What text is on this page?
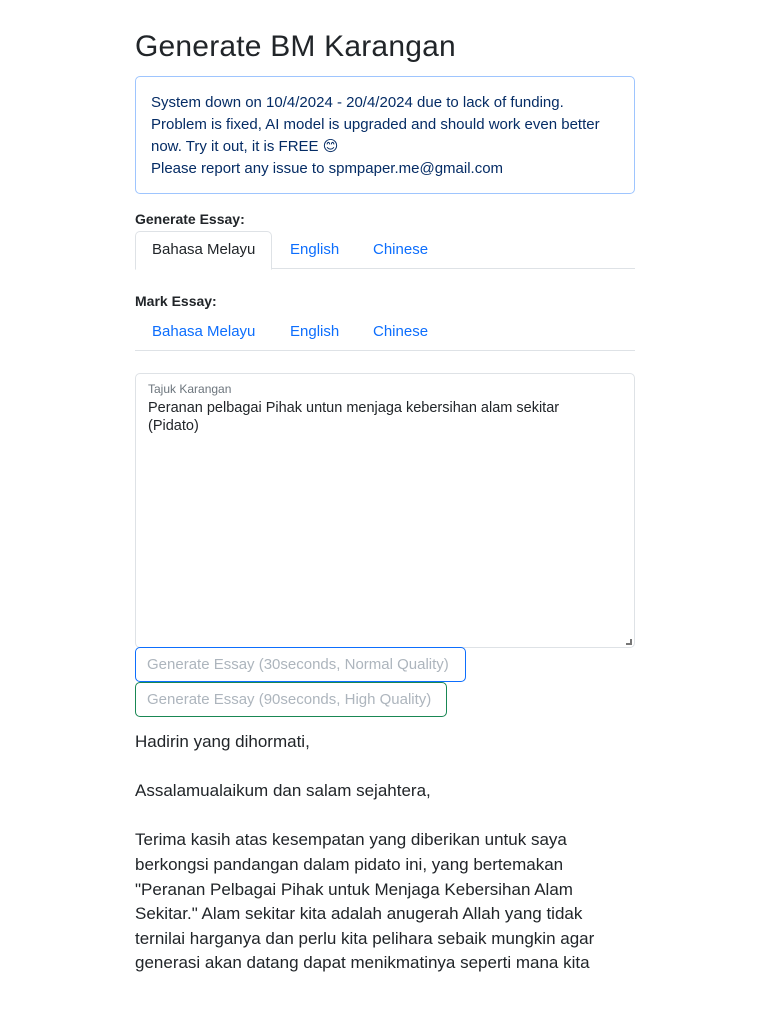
Generate BM Karangan

System down on 10/4/2024 - 20/4/2024 due to lack of funding.

Problem is fixed, AI model is upgraded and should work even better

now. Try it out, it is FREE 😊

Please report any issue to spmpaper.me@gmail.com

Generate Essay:
Bahasa Melayu	English	Chinese
Mark Essay:
Bahasa Melayu	English	Chinese
Tajuk Karangan
Peranan pelbagai Pihak untun menjaga kebersihan alam sekitar (Pidato)
Generate Essay (30seconds, Normal Quality)
Generate Essay (90seconds, High Quality)

Hadirin yang dihormati,

Assalamualaikum dan salam sejahtera,

Terima kasih atas kesempatan yang diberikan untuk saya berkongsi pandangan dalam pidato ini, yang bertemakan "Peranan Pelbagai Pihak untuk Menjaga Kebersihan Alam Sekitar." Alam sekitar kita adalah anugerah Allah yang tidak ternilai harganya dan perlu kita pelihara sebaik mungkin agar generasi akan datang dapat menikmatinya seperti mana kita
